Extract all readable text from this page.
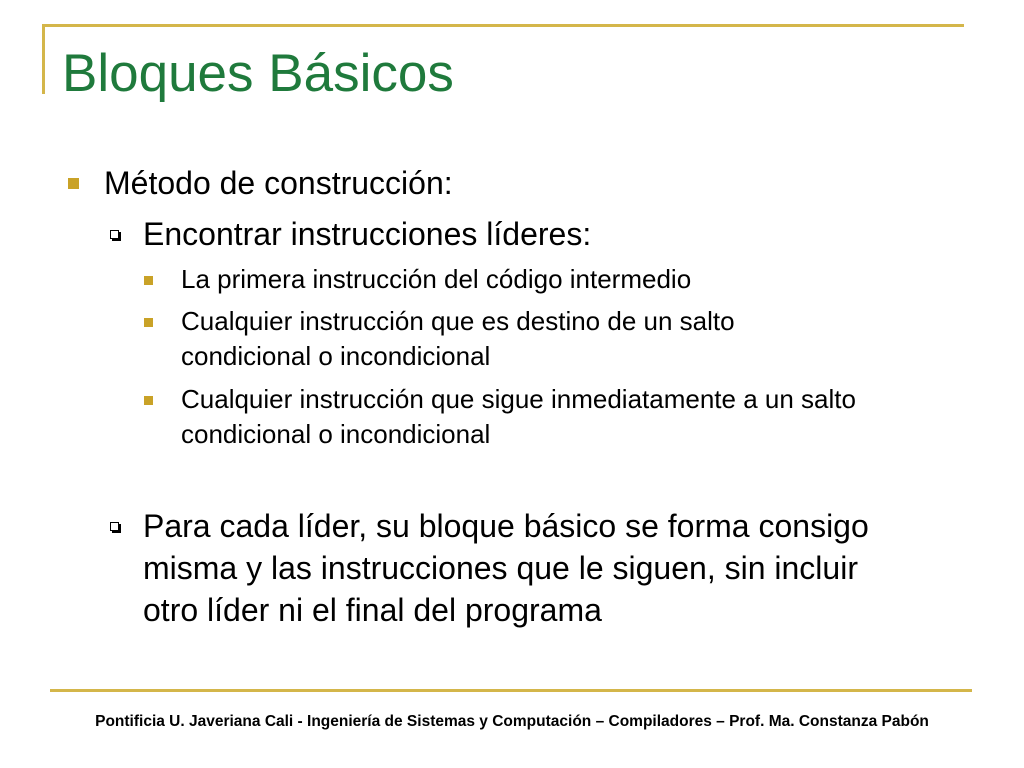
Bloques Básicos
Método de construcción:
Encontrar instrucciones líderes:
La primera instrucción del código intermedio
Cualquier instrucción que es destino de un salto
condicional o incondicional
Cualquier instrucción que sigue inmediatamente a un salto
condicional o incondicional
Para cada líder, su bloque básico se forma consigo
misma y las instrucciones que le siguen, sin incluir
otro líder ni el final del programa
Pontificia U. Javeriana Cali - Ingeniería de Sistemas y Computación – Compiladores – Prof. Ma. Constanza Pabón
